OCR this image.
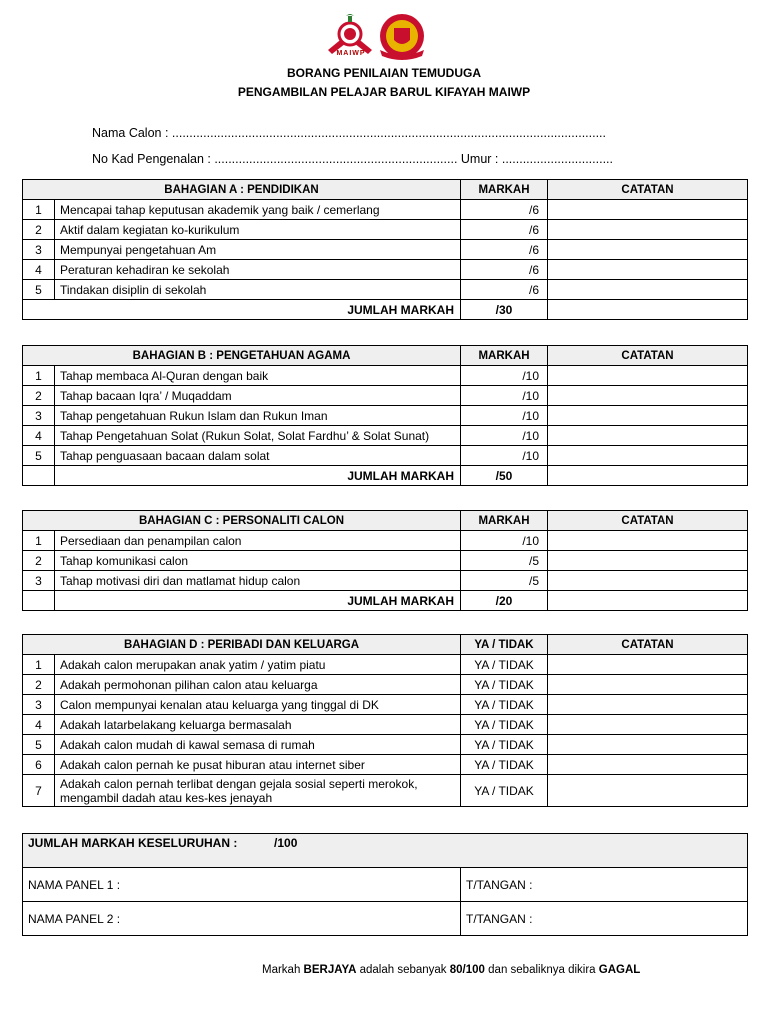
MAIWP
BORANG PENILAIAN TEMUDUGA
PENGAMBILAN PELAJAR BARUL KIFAYAH MAIWP
Nama Calon : .............................................................................................................................
No Kad Pengenalan : ...................................................................... Umur : ................................
BAHAGIAN A : PENDIDIKAN		MARKAH	CATATAN
1	Mencapai tahap keputusan akademik yang baik / cemerlang	/6	
2	Aktif dalam kegiatan ko-kurikulum	/6	
3	Mempunyai pengetahuan Am	/6	
4	Peraturan kehadiran ke sekolah	/6	
5	Tindakan disiplin di sekolah	/6	
JUMLAH MARKAH		/30	
BAHAGIAN B : PENGETAHUAN AGAMA		MARKAH	CATATAN
1	Tahap membaca Al-Quran dengan baik	/10	
2	Tahap bacaan Iqra’ / Muqaddam	/10	
3	Tahap pengetahuan Rukun Islam dan Rukun Iman	/10	
4	Tahap Pengetahuan Solat (Rukun Solat, Solat Fardhu’ & Solat Sunat)	/10	
5	Tahap penguasaan bacaan dalam solat	/10	
	JUMLAH MARKAH	/50	
BAHAGIAN C : PERSONALITI CALON		MARKAH	CATATAN
1	Persediaan dan penampilan calon	/10	
2	Tahap komunikasi calon	/5	
3	Tahap motivasi diri dan matlamat hidup calon	/5	
	JUMLAH MARKAH	/20	
BAHAGIAN D : PERIBADI DAN KELUARGA		YA / TIDAK	CATATAN
1	Adakah calon merupakan anak yatim / yatim piatu	YA / TIDAK	
2	Adakah permohonan pilihan calon atau keluarga	YA / TIDAK	
3	Calon mempunyai kenalan atau keluarga yang tinggal di DK	YA / TIDAK	
4	Adakah latarbelakang keluarga bermasalah	YA / TIDAK	
5	Adakah calon mudah di kawal semasa di rumah	YA / TIDAK	
6	Adakah calon pernah ke pusat hiburan atau internet siber	YA / TIDAK	
7	Adakah calon pernah terlibat dengan gejala sosial seperti merokok, mengambil dadah atau kes-kes jenayah	YA / TIDAK	
JUMLAH MARKAH KESELURUHAN : /100	
NAMA PANEL 1 :	T/TANGAN :
NAMA PANEL 2 :	T/TANGAN :
Markah BERJAYA adalah sebanyak 80/100 dan sebaliknya dikira GAGAL
